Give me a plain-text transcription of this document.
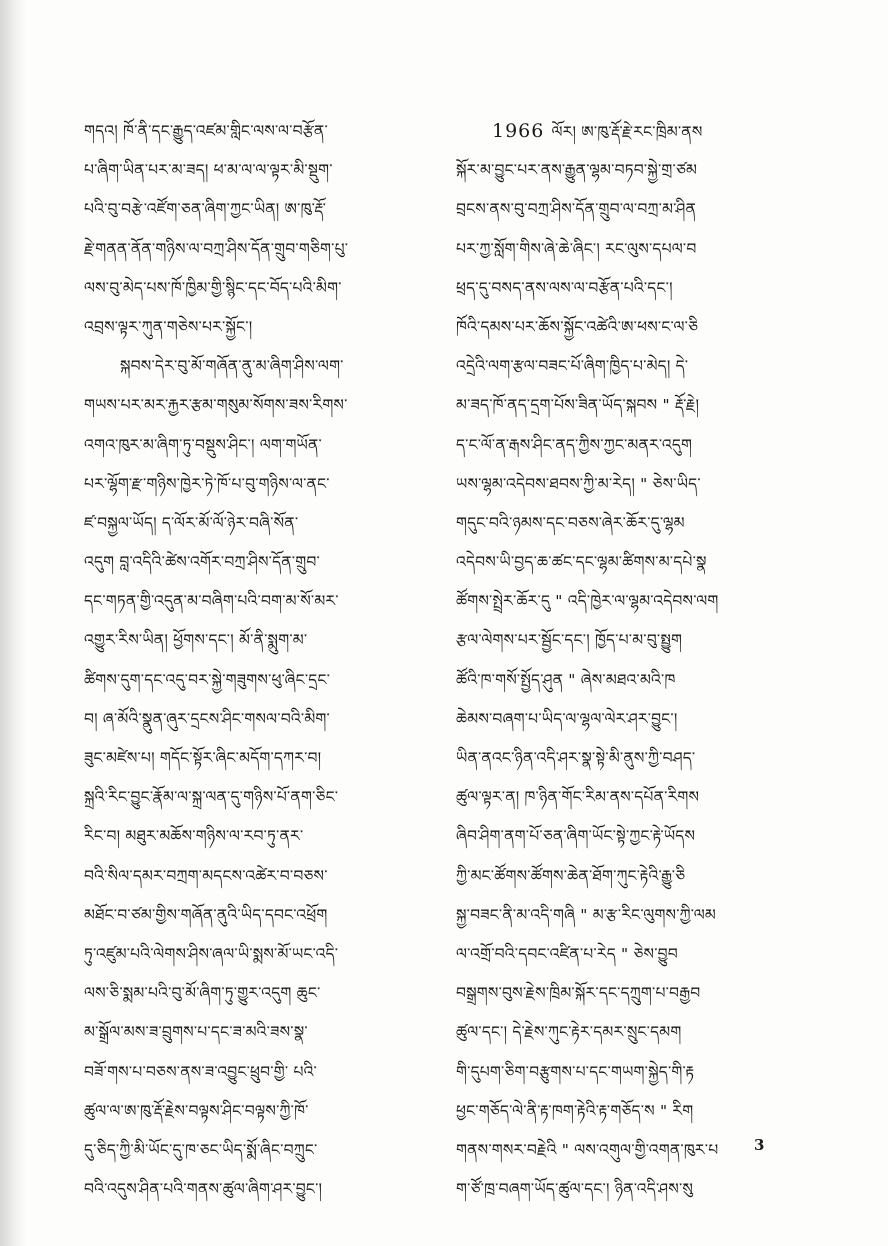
གདའ། ཁོ་ནི་དང་རྒྱུད་འཛམ་གླིང་ལས་ལ་བརྩོན་
པ་ཞིག་ཡིན་པར་མ་ཟད། ཕ་མ་ལ་ལ་ལྟར་མི་སྡུག་
པའི་བུ་བརྩེ་འཛོག་ཅན་ཞིག་ཀྱང་ཡིན། ཨ་ཁུ་རྡོ་
རྗེ་གནན་ནོན་གཉིས་ལ་བཀྲ་ཤིས་དོན་གྲུབ་གཅིག་པུ་
ལས་བུ་མེད་པས་ཁོ་ཁྱིམ་གྱི་སྙིང་དང་བོད་པའི་མིག་
འབྲས་ལྟར་ཀུན་གཅེས་པར་སྐྱོང་།
སྐབས་དེར་བུ་མོ་གཞོན་ནུ་མ་ཞིག་ཤིས་ལག་
གཡས་པར་མར་རྐྱར་རྩམ་གསུམ་སོགས་ཟས་རིགས་
འགའ་ཁུར་མ་ཞིག་ཏུ་བསྡུས་ཤིང་། ལག་གཡོན་
པར་ལྷོག་རྫ་གཉིས་ཁྱེར་ཏེ་ཁོ་པ་བུ་གཉིས་ལ་ནང་
ཛ་བསྐྱལ་ཡོད། ད་ལོར་མོ་ལོ་ཉེར་བཞི་སོན་
འདུག བླ་འདིའི་ཚེས་འགོར་བཀྲ་ཤིས་དོན་གྲུབ་
དང་གཏན་གྱི་འདུན་མ་བཞིག་པའི་བག་མ་སོ་མར་
འགྱུར་རིས་ཡིན། ཕྱོགས་དང་། མོ་ནི་སྨུག་མ་
ཚིགས་དུག་དང་འདུ་བར་སྐྱེ་གཟུགས་ཕུ་ཞིང་དྲང་
བ། ཞ་མོའི་སྣུན་ཞུར་དྲངས་ཤིང་གསལ་བའི་མིག་
ཟུང་མཛེས་པ། གདོང་སྟོར་ཞིང་མདོག་དཀར་བ།
སྐྲའི་རིང་བྱུང་རྣོམ་ལ་སྐྲ་ལན་དུ་གཉིས་པོ་ནག་ཅིང་
རིང་བ། མཐུར་མཆོས་གཉིས་ལ་རབ་ཏུ་ནར་
བའི་སིལ་དམར་བཀྲག་མདངས་འཚེར་བ་བཅས་
མཐོང་བ་ཙམ་གྱིས་གཞོན་ནུའི་ཡིད་དབང་འཕྲོག
ཏུ་འཛུམ་པའི་ལེགས་ཤིས་ཞལ་ཡི་སྨས་མོ་ཡང་འདི་
ལས་ཅི་སྨམ་པའི་བུ་མོ་ཞིག་ཏུ་གྱུར་འདུག ཆུང་
མ་སྒྲོལ་མས་ཟ་བྲུགས་པ་དང་ཟ་མའི་ཟས་སྣ་
བཟོ་གས་པ་བཅས་ནས་ཟ་འབྱུང་ཕྲུབ་གྱི་ པའི་
ཚུལ་ལ་ཨ་ཁུ་རྡོ་རྗེས་བལྟས་ཤིང་བལྟས་ཀྱི་ཁོ་
དུ་ཅིད་ཀྱི་མི་ཡོང་དུ་ཁ་ཅང་ཡིད་སྨོ་ཞིང་བཀྲུང་
བའི་འདུས་ཤིན་པའི་གནས་ཚུལ་ཞིག་ཤར་བྱུང་།
1966 ལོར། ཨ་ཁུ་རྡོ་རྗེ་རང་ཁྲིམ་ནས
སྐོར་མ་བྱུང་པར་ནས་རྒྱུན་ལྷམ་བཏབ་སྐྱེ་གྲ་ཙམ
བྲངས་ནས་བུ་བཀྲ་ཤིས་དོན་གྲུབ་ལ་བཀྲ་མ་ཤིན
པར་ཀྱ་སློག་གིས་ཞེ་ཆེ་ཞིང་། རང་ལུས་དཔལ་བ
ཕྲད་དུ་བསད་ནས་ལས་ལ་བརྩོན་པའི་དང་།
ཁོའི་དམས་པར་ཆོས་སྐྱོང་འཚེའི་ཨ་ཕས་ང་ལ་ཅི
འདྲེའི་ལག་རྩལ་བཟང་པོ་ཞིག་ཁྱིད་པ་མེད། དེ་
མ་ཟད་ཁོ་ནད་དྲག་པོས་ཟིན་ཡོད་སྐབས " རྡོ་རྗེ།
ད་ང་ལོ་ན་རྒས་ཤིང་ནད་ཀྱིས་ཀྱང་མནར་འདུག
ཡས་ལྷམ་འདེབས་ཐབས་ཀྱི་མ་རེད། " ཅེས་ཡིད་
གདུང་བའི་ཉམས་དང་བཅས་ཞེར་ཆོར་དུ་ལྷམ
འདེབས་ཡི་བྱད་ཆ་ཚང་དང་ལྷམ་ཚིགས་མ་དཔེ་སྣ
ཚོགས་སྤྲེར་ཆོར་དུ " འདི་ཁྱེར་ལ་ལྷམ་འདེབས་ལག
རྩལ་ལེགས་པར་སྦྱོང་དང་། ཁྱོད་པ་མ་བུ་སྤྱུག
ཚོའི་ཁ་གསོ་སྤྱོད་ཤུན " ཞེས་མཐའ་མའི་ཁ
ཆེམས་བཞག་པ་ཡིད་ལ་ལྷལ་ལེར་ཤར་བྱུང་།
ཡིན་ནའང་ཉིན་འདི་ཤར་སྣ་སྟེ་མི་ནུས་ཀྱི་བཤད་
ཚུལ་ལྟར་ན། ཁ་ཉིན་གོང་རིམ་ནས་དཔོན་རིགས
ཞིབ་ཤིག་ནག་པོ་ཅན་ཞིག་ཡོང་སྟེ་ཀྱང་རྟེ་ཡོདས
ཀྱི་མང་ཚོགས་ཚོགས་ཆེན་ཐོག་ཀུང་རྟེའི་རྒྱུ་ཅི
སྐྱ་བཟང་ནི་མ་འདི་གཞི " མ་རྩ་རིང་ལུགས་ཀྱི་ལམ
ལ་འགྲོ་བའི་དབང་འཛིན་པ་རེད " ཅེས་བྱུབ
བསྒྲགས་བུས་རྗེས་ཁྲིམ་སྐོར་དང་དཀྲུག་པ་བརྒྱབ
ཚུལ་དང་། དེ་རྗེས་ཀུང་རྟེར་དམར་སྲུང་དམག
གི་དུཔག་ཅིག་བརྩུགས་པ་དང་གཡག་སྐྱེད་གི་རྟ
ཕྱང་གཅོད་ལེ་ནི་རྟ་ཁག་རྟེའི་རྟ་གཅོད་ས " རིག
གནས་གསར་བརྗེའི " ལས་འགུལ་གྱི་འགན་ཁུར་པ
ག་ཙོ་ཁྲ་བཞག་ཡོད་ཚུལ་དང་། ཉིན་འདི་ཤས་སུ
3
